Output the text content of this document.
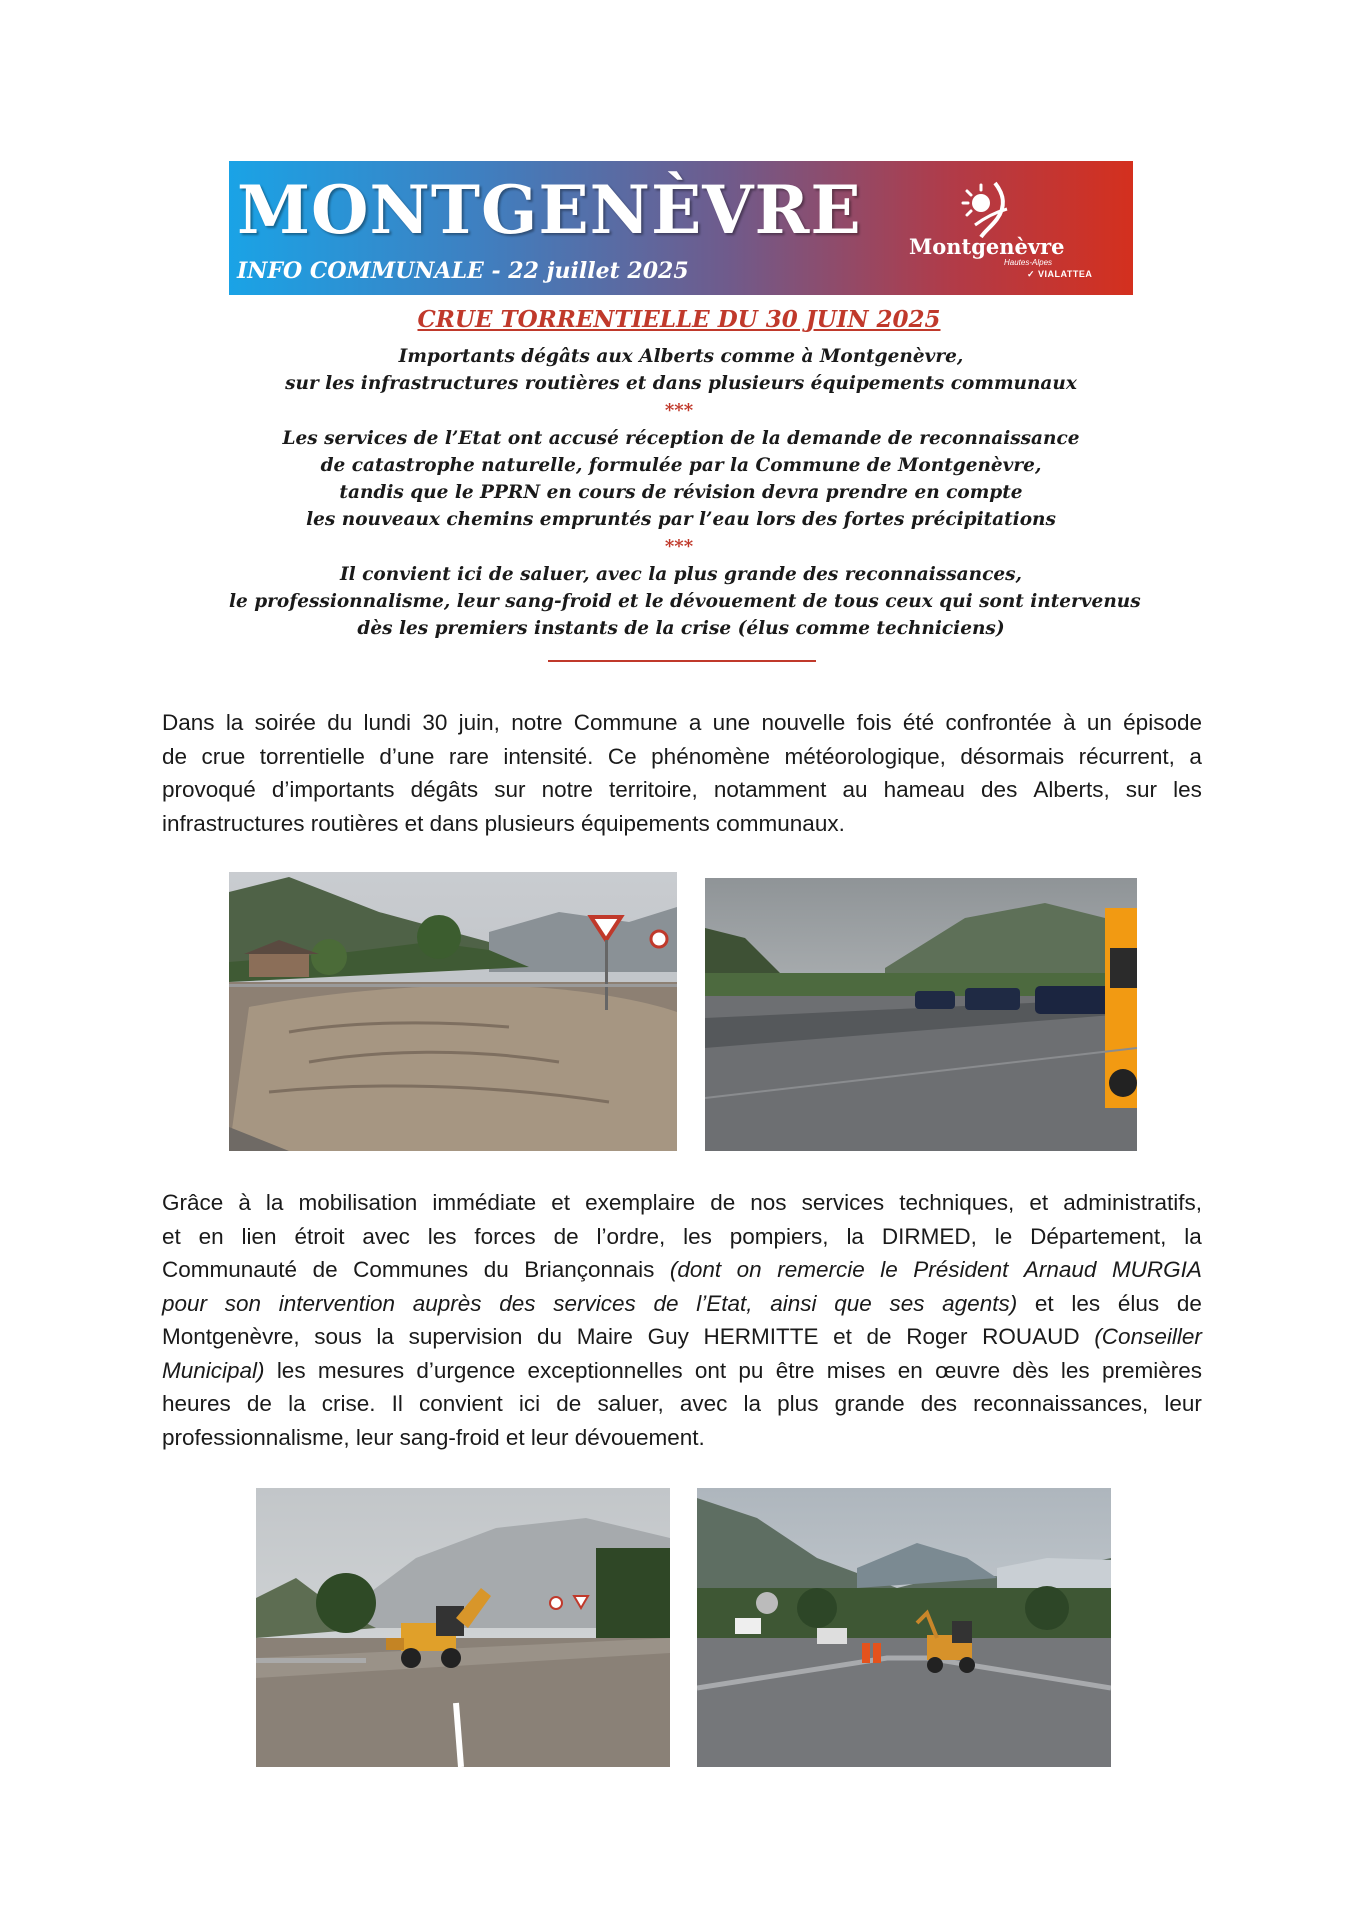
MONTGENÈVRE
INFO COMMUNALE - 22 juillet 2025
Montgenèvre
Hautes-Alpes
✓ VIALATTEA
CRUE TORRENTIELLE DU 30 JUIN 2025
Importants dégâts aux Alberts comme à Montgenèvre,
sur les infrastructures routières et dans plusieurs équipements communaux
***
Les services de l’Etat ont accusé réception de la demande de reconnaissance
de catastrophe naturelle, formulée par la Commune de Montgenèvre,
tandis que le PPRN en cours de révision devra prendre en compte
les nouveaux chemins empruntés par l’eau lors des fortes précipitations
***
Il convient ici de saluer, avec la plus grande des reconnaissances,
le professionnalisme, leur sang-froid et le dévouement de tous ceux qui sont intervenus
dès les premiers instants de la crise (élus comme techniciens)
Dans la soirée du lundi 30 juin, notre Commune a une nouvelle fois été confrontée à un épisode
de crue torrentielle d’une rare intensité. Ce phénomène météorologique, désormais récurrent, a
provoqué d’importants dégâts sur notre territoire, notamment au hameau des Alberts, sur les
infrastructures routières et dans plusieurs équipements communaux.
Grâce à la mobilisation immédiate et exemplaire de nos services techniques, et administratifs,
et en lien étroit avec les forces de l’ordre, les pompiers, la DIRMED, le Département, la
Communauté de Communes du Briançonnais (dont on remercie le Président Arnaud MURGIA
pour son intervention auprès des services de l’Etat, ainsi que ses agents) et les élus de
Montgenèvre, sous la supervision du Maire Guy HERMITTE et de Roger ROUAUD (Conseiller
Municipal) les mesures d’urgence exceptionnelles ont pu être mises en œuvre dès les premières
heures de la crise. Il convient ici de saluer, avec la plus grande des reconnaissances, leur
professionnalisme, leur sang-froid et leur dévouement.
